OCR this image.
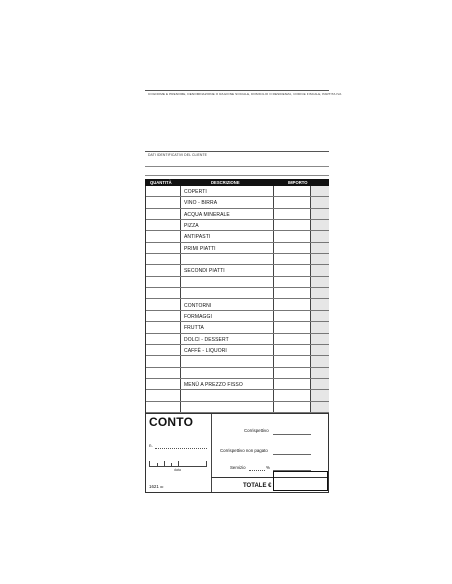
COGNOME E PRENOME, DENOMINAZIONE O RAGIONE SOCIALE, DOMICILIO O RESIDENZA, CODICE FISCALE, PARTITA IVA
DATI IDENTIFICATIVI DEL CLIENTE
QUANTITÀ	DESCRIZIONE	IMPORTO
COPERTI
VINO - BIRRA
ACQUA MINERALE
PIZZA
ANTIPASTI
PRIMI PIATTI
SECONDI PIATTI
CONTORNI
FORMAGGI
FRUTTA
DOLCI - DESSERT
CAFFÈ - LIQUORI
MENÙ A PREZZO FISSO
CONTO
n.
data
1621 00
Corrispettivo
Corrispettivo non pagato
Servizio	%
TOTALE €
